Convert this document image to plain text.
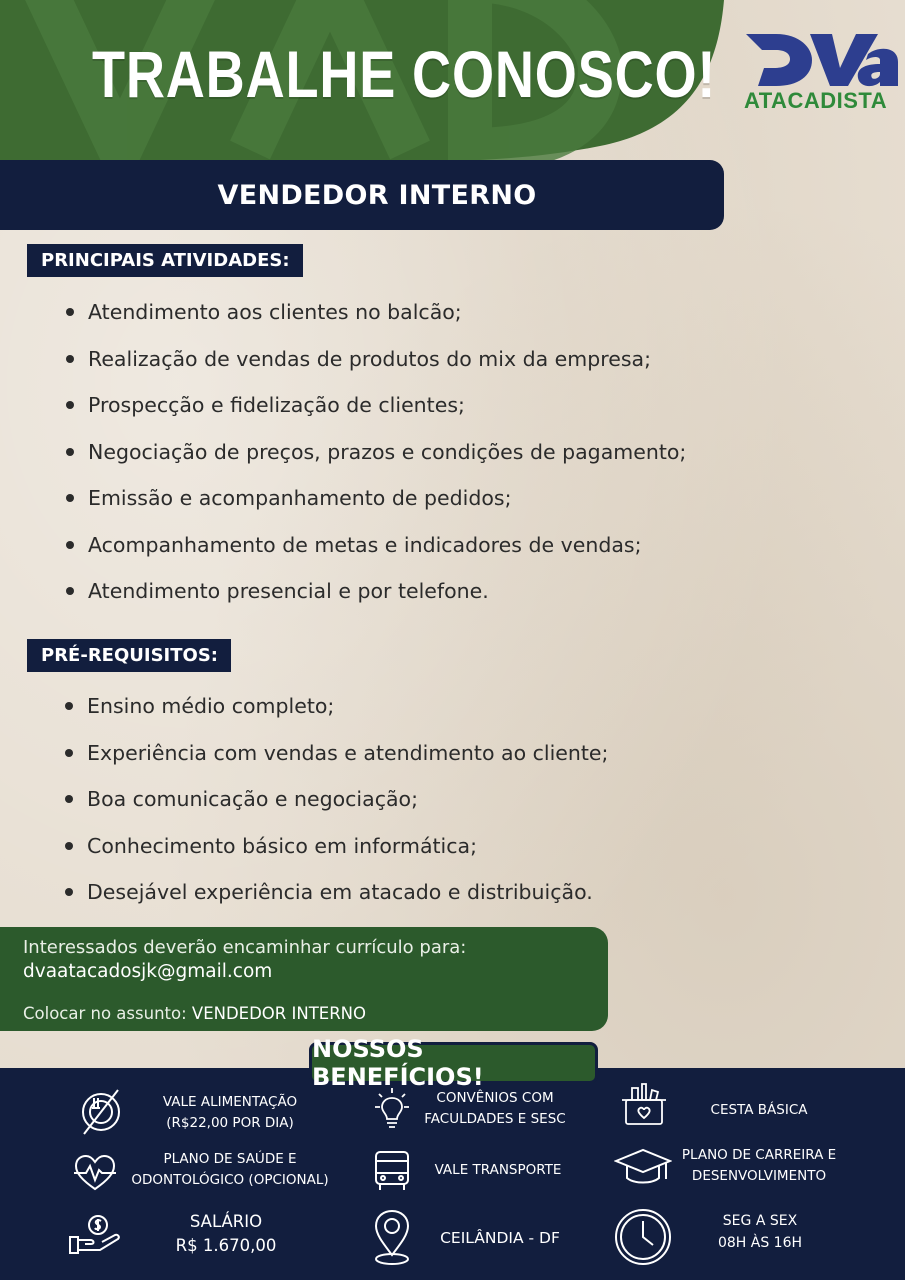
TRABALHE CONOSCO! ATACADISTA
VENDEDOR INTERNO
PRINCIPAIS ATIVIDADES:
Atendimento aos clientes no balcão;
Realização de vendas de produtos do mix da empresa;
Prospecção e fidelização de clientes;
Negociação de preços, prazos e condições de pagamento;
Emissão e acompanhamento de pedidos;
Acompanhamento de metas e indicadores de vendas;
Atendimento presencial e por telefone.
PRÉ-REQUISITOS:
Ensino médio completo;
Experiência com vendas e atendimento ao cliente;
Boa comunicação e negociação;
Conhecimento básico em informática;
Desejável experiência em atacado e distribuição.
Interessados deverão encaminhar currículo para:
dvaatacadosjk@gmail.com
Colocar no assunto: VENDEDOR INTERNO
NOSSOS BENEFÍCIOS!
VALE ALIMENTAÇÃO
(R$22,00 POR DIA)
CONVÊNIOS COM
FACULDADES E SESC
CESTA BÁSICA
PLANO DE SAÚDE E
ODONTOLÓGICO (OPCIONAL)
VALE TRANSPORTE
PLANO DE CARREIRA E
DESENVOLVIMENTO
SALÁRIO
R$ 1.670,00	CEILÂNDIA - DF
SEG A SEX
08H ÀS 16H
